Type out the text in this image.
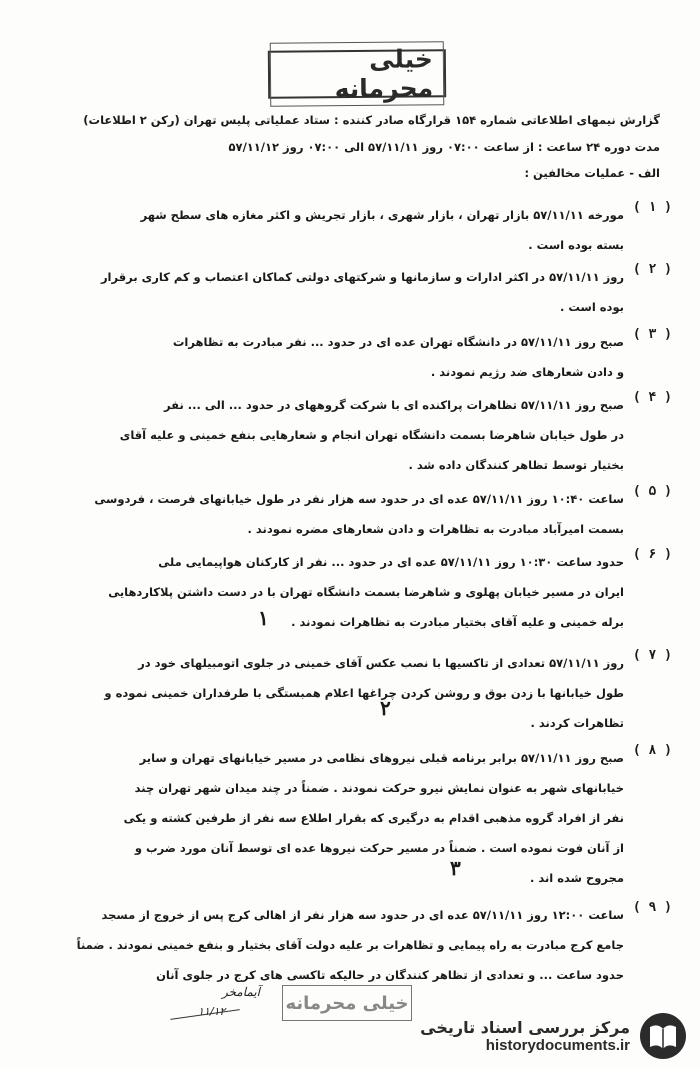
خیلی محرمانه
گزارش نیمهای اطلاعاتی شماره ۱۵۴ قرارگاه صادر کننده : ستاد عملیاتی پلیس تهران (رکن ۲ اطلاعات)
مدت دوره ۲۴ ساعت : از ساعت ۰۷:۰۰ روز ۵۷/۱۱/۱۱ الی ۰۷:۰۰ روز ۵۷/۱۱/۱۲
الف - عملیات مخالفین :
( ۱ )
مورخه ۵۷/۱۱/۱۱ بازار تهران ، بازار شهری ، بازار تجریش و اکثر مغازه های سطح شهر
بسته بوده است .
( ۲ )
روز ۵۷/۱۱/۱۱ در اکثر ادارات و سازمانها و شرکتهای دولتی کماکان اعتصاب و کم کاری برقرار
بوده است .
( ۳ )
صبح روز ۵۷/۱۱/۱۱ در دانشگاه تهران عده ای در حدود ... نفر مبادرت به تظاهرات
و دادن شعارهای ضد رژیم نمودند .
( ۴ )
صبح روز ۵۷/۱۱/۱۱ تظاهرات پراکنده ای با شرکت گروههای در حدود ... الی ... نفر
در طول خیابان شاهرضا بسمت دانشگاه تهران انجام و شعارهایی بنفع خمینی و علیه آقای
بختیار توسط تظاهر کنندگان داده شد .
( ۵ )
ساعت ۱۰:۴۰ روز ۵۷/۱۱/۱۱ عده ای در حدود سه هزار نفر در طول خیابانهای فرصت ، فردوسی
بسمت امیرآباد مبادرت به تظاهرات و دادن شعارهای مضره نمودند .
( ۶ )
حدود ساعت ۱۰:۳۰ روز ۵۷/۱۱/۱۱ عده ای در حدود ... نفر از کارکنان هواپیمایی ملی
ایران در مسیر خیابان پهلوی و شاهرضا بسمت دانشگاه تهران با در دست داشتن پلاکاردهایی
برله خمینی و علیه آقای بختیار مبادرت به تظاهرات نمودند .
۱
( ۷ )
روز ۵۷/۱۱/۱۱ تعدادی از تاکسیها با نصب عکس آقای خمینی در جلوی اتومبیلهای خود در
طول خیابانها با زدن بوق و روشن کردن چراغها اعلام همبستگی با طرفداران خمینی نموده و
تظاهرات کردند .
۲
( ۸ )
صبح روز ۵۷/۱۱/۱۱ برابر برنامه قبلی نیروهای نظامی در مسیر خیابانهای تهران و سایر
خیابانهای شهر به عنوان نمایش نیرو حرکت نمودند . ضمناً در چند میدان شهر تهران چند
نفر از افراد گروه مذهبی اقدام به درگیری که بقرار اطلاع سه نفر از طرفین کشته و یکی
از آنان فوت نموده است . ضمناً در مسیر حرکت نیروها عده ای توسط آنان مورد ضرب و
مجروح شده اند .
۳
( ۹ )
ساعت ۱۲:۰۰ روز ۵۷/۱۱/۱۱ عده ای در حدود سه هزار نفر از اهالی کرج پس از خروج از مسجد
جامع کرج مبادرت به راه پیمایی و تظاهرات بر علیه دولت آقای بختیار و بنفع خمینی نمودند . ضمناً
حدود ساعت ... و تعدادی از تظاهر کنندگان در حالیکه تاکسی های کرج در جلوی آنان
آیمامخر
۱۱/۱۲	خیلی محرمانه
مرکز بررسی اسناد تاریخی
historydocuments.ir
